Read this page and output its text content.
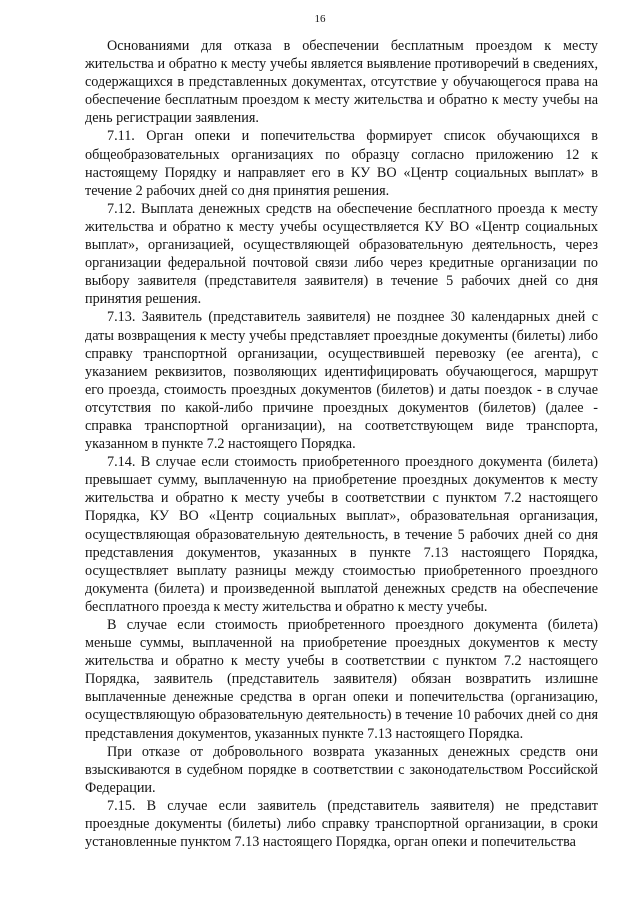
16

Основаниями для отказа в обеспечении бесплатным проездом к месту жительства и обратно к месту учебы является выявление противоречий в сведениях, содержащихся в представленных документах, отсутствие у обучающегося права на обеспечение бесплатным проездом к месту жительства и обратно к месту учебы на день регистрации заявления.

7.11. Орган опеки и попечительства формирует список обучающихся в общеобразовательных организациях по образцу согласно приложению 12 к настоящему Порядку и направляет его в КУ ВО «Центр социальных выплат» в течение 2 рабочих дней со дня принятия решения.

7.12. Выплата денежных средств на обеспечение бесплатного проезда к месту жительства и обратно к месту учебы осуществляется КУ ВО «Центр социальных выплат», организацией, осуществляющей образовательную деятельность, через организации федеральной почтовой связи либо через кредитные организации по выбору заявителя (представителя заявителя) в течение 5 рабочих дней со дня принятия решения.

7.13. Заявитель (представитель заявителя) не позднее 30 календарных дней с даты возвращения к месту учебы представляет проездные документы (билеты) либо справку транспортной организации, осуществившей перевозку (ее агента), с указанием реквизитов, позволяющих идентифицировать обучающегося, маршрут его проезда, стоимость проездных документов (билетов) и даты поездок - в случае отсутствия по какой-либо причине проездных документов (билетов) (далее - справка транспортной организации), на соответствующем виде транспорта, указанном в пункте 7.2 настоящего Порядка.

7.14. В случае если стоимость приобретенного проездного документа (билета) превышает сумму, выплаченную на приобретение проездных документов к месту жительства и обратно к месту учебы в соответствии с пунктом 7.2 настоящего Порядка, КУ ВО «Центр социальных выплат», образовательная организация, осуществляющая образовательную деятельность, в течение 5 рабочих дней со дня представления документов, указанных в пункте 7.13 настоящего Порядка, осуществляет выплату разницы между стоимостью приобретенного проездного документа (билета) и произведенной выплатой денежных средств на обеспечение бесплатного проезда к месту жительства и обратно к месту учебы.

В случае если стоимость приобретенного проездного документа (билета) меньше суммы, выплаченной на приобретение проездных документов к месту жительства и обратно к месту учебы в соответствии с пунктом 7.2 настоящего Порядка, заявитель (представитель заявителя) обязан возвратить излишне выплаченные денежные средства в орган опеки и попечительства (организацию, осуществляющую образовательную деятельность) в течение 10 рабочих дней со дня представления документов, указанных пункте 7.13 настоящего Порядка.

При отказе от добровольного возврата указанных денежных средств они взыскиваются в судебном порядке в соответствии с законодательством Российской Федерации.

7.15. В случае если заявитель (представитель заявителя) не представит проездные документы (билеты) либо справку транспортной организации, в сроки установленные пунктом 7.13 настоящего Порядка, орган опеки и попечительства
